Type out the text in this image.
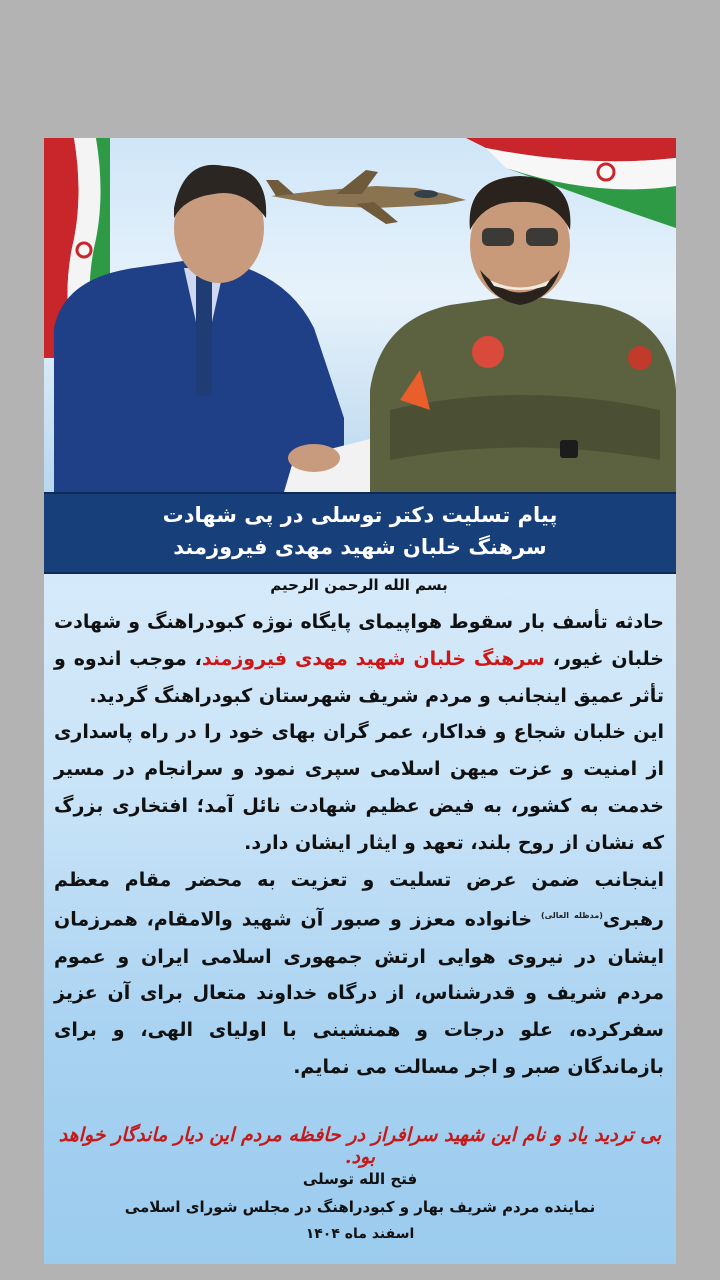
پیام تسلیت دکتر توسلی در پی شهادت
سرهنگ خلبان شهید مهدی فیروزمند

بسم الله الرحمن الرحیم

حادثه تأسف بار سقوط هواپیمای پایگاه نوژه کبودراهنگ و شهادت خلبان غیور، سرهنگ خلبان شهید مهدی فیروزمند، موجب اندوه و تأثر عمیق اینجانب و مردم شریف شهرستان کبودراهنگ گردید.

این خلبان شجاع و فداکار، عمر گران بهای خود را در راه پاسداری از امنیت و عزت میهن اسلامی سپری نمود و سرانجام در مسیر خدمت به کشور، به فیض عظیم شهادت نائل آمد؛ افتخاری بزرگ که نشان از روح بلند، تعهد و ایثار ایشان دارد.

اینجانب ضمن عرض تسلیت و تعزیت به محضر مقام معظم رهبری$^{(مدظله العالی)}$ خانواده معزز و صبور آن شهید والامقام، همرزمان ایشان در نیروی هوایی ارتش جمهوری اسلامی ایران و عموم مردم شریف و قدرشناس، از درگاه خداوند متعال برای آن عزیز سفرکرده، علو درجات و همنشینی با اولیای الهی، و برای بازماندگان صبر و اجر مسالت می نمایم.

بی تردید یاد و نام این شهید سرافراز در حافظه مردم این دیار ماندگار خواهد بود.
فتح الله توسلی
نماینده مردم شریف بهار و کبودراهنگ در مجلس شورای اسلامی
اسفند ماه ۱۴۰۴
